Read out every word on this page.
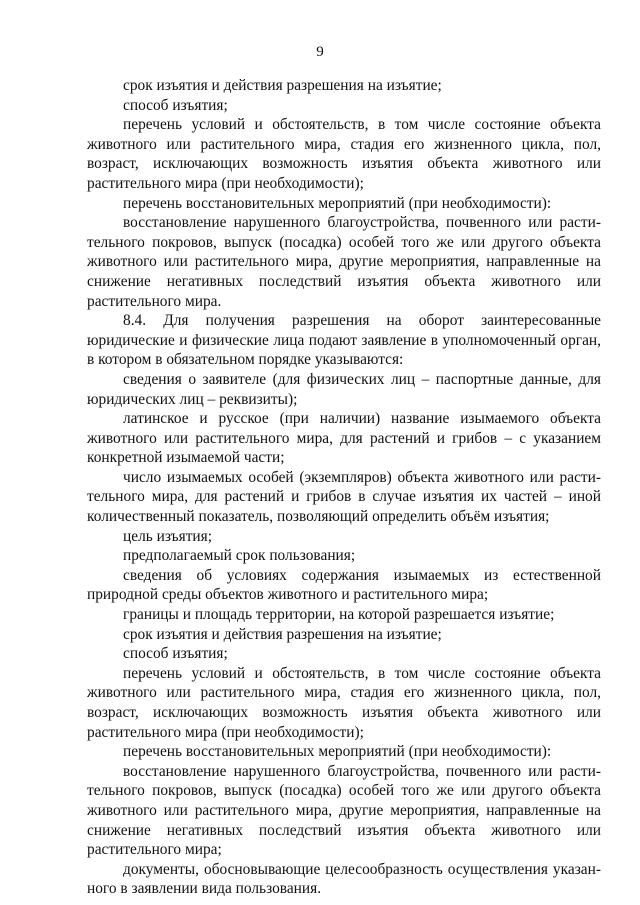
9

срок изъятия и действия разрешения на изъятие;

способ изъятия;

перечень условий и обстоятельств, в том числе состояние объекта животного или растительного мира, стадия его жизненного цикла, пол, возраст, исключающих возможность изъятия объекта животного или растительного мира (при необходимости);

перечень восстановительных мероприятий (при необходимости):

восстановление нарушенного благоустройства, почвенного или растительного покровов, выпуск (посадка) особей того же или другого объекта животного или растительного мира, другие мероприятия, направленные на снижение негативных последствий изъятия объекта животного или растительного мира.

8.4. Для получения разрешения на оборот заинтересованные юридические и физические лица подают заявление в уполномоченный орган, в котором в обязательном порядке указываются:

сведения о заявителе (для физических лиц – паспортные данные, для юридических лиц – реквизиты);

латинское и русское (при наличии) название изымаемого объекта животного или растительного мира, для растений и грибов – с указанием конкретной изымаемой части;

число изымаемых особей (экземпляров) объекта животного или растительного мира, для растений и грибов в случае изъятия их частей – иной количественный показатель, позволяющий определить объём изъятия;

цель изъятия;

предполагаемый срок пользования;

сведения об условиях содержания изымаемых из естественной природной среды объектов животного и растительного мира;

границы и площадь территории, на которой разрешается изъятие;

срок изъятия и действия разрешения на изъятие;

способ изъятия;

перечень условий и обстоятельств, в том числе состояние объекта животного или растительного мира, стадия его жизненного цикла, пол, возраст, исключающих возможность изъятия объекта животного или растительного мира (при необходимости);

перечень восстановительных мероприятий (при необходимости):

восстановление нарушенного благоустройства, почвенного или растительного покровов, выпуск (посадка) особей того же или другого объекта животного или растительного мира, другие мероприятия, направленные на снижение негативных последствий изъятия объекта животного или растительного мира;

документы, обосновывающие целесообразность осуществления указанного в заявлении вида пользования.
